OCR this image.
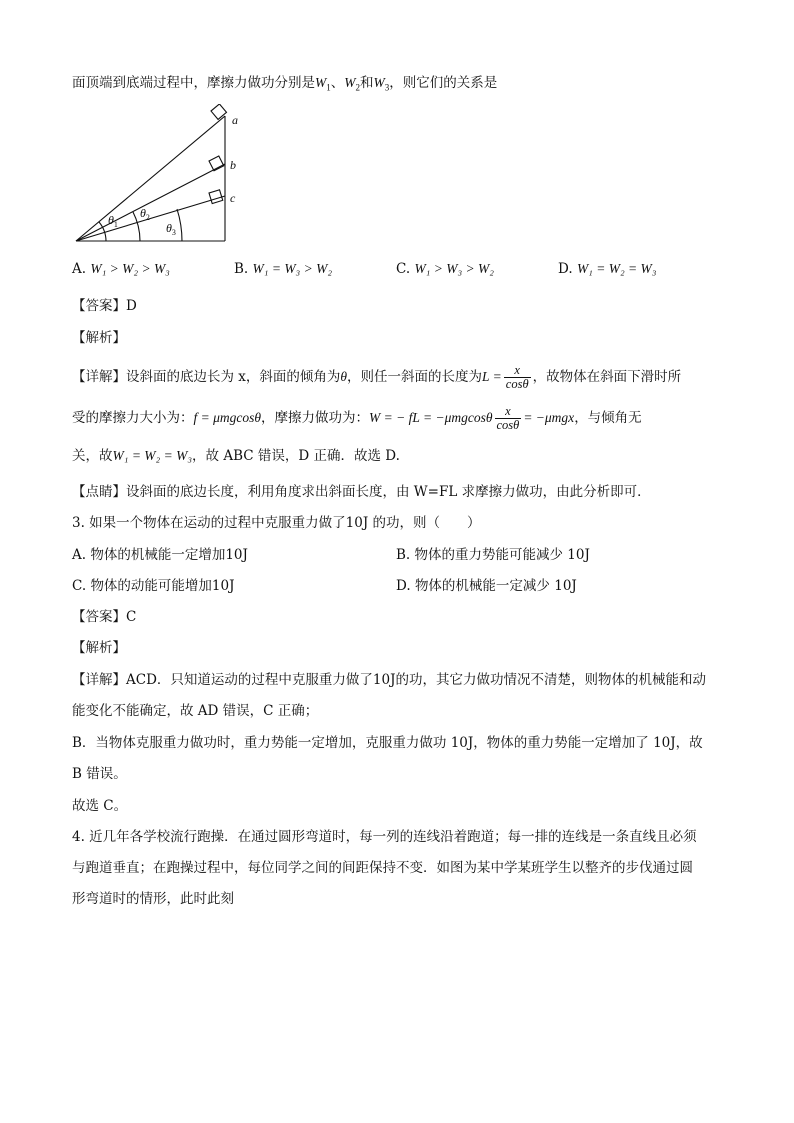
面顶端到底端过程中，摩擦力做功分别是$W_1$、$W_2$和$W_3$，则它们的关系是
a
b
c
$\theta_1$
$\theta_2$
$\theta_3$
A. W₁ > W₂ > W₃	B. W₁ = W₃ > W₂	C. W₁ > W₃ > W₂	D. W₁ = W₂ = W₃
【答案】D
【解析】
【详解】设斜面的底边长为 x，斜面的倾角为θ，则任一斜面的长度为$L = \frac{x}{\cos\theta}$ ，故物体在斜面下滑时所
受的摩擦力大小为：f = μmgcosθ，摩擦力做功为：W = − fL = $-\mu mgcos\theta \frac{x}{\cos\theta} = -\mu mgx$，与倾角无
关，故W₁ = W₂ = W₃，故 ABC 错误，D 正确．故选 D.
【点睛】设斜面的底边长度，利用角度求出斜面长度，由 W=FL 求摩擦力做功，由此分析即可．
3. 如果一个物体在运动的过程中克服重力做了10J 的功，则（　　）
A. 物体的机械能一定增加10J	B. 物体的重力势能可能减少 10J
C. 物体的动能可能增加10J	D. 物体的机械能一定减少 10J
【答案】C
【解析】
【详解】ACD．只知道运动的过程中克服重力做了10J的功，其它力做功情况不清楚，则物体的机械能和动
能变化不能确定，故 AD 错误，C 正确；
B．当物体克服重力做功时，重力势能一定增加，克服重力做功 10J，物体的重力势能一定增加了 10J，故
B 错误。
故选 C。
4. 近几年各学校流行跑操．在通过圆形弯道时，每一列的连线沿着跑道；每一排的连线是一条直线且必须
与跑道垂直；在跑操过程中，每位同学之间的间距保持不变．如图为某中学某班学生以整齐的步伐通过圆
形弯道时的情形，此时此刻
